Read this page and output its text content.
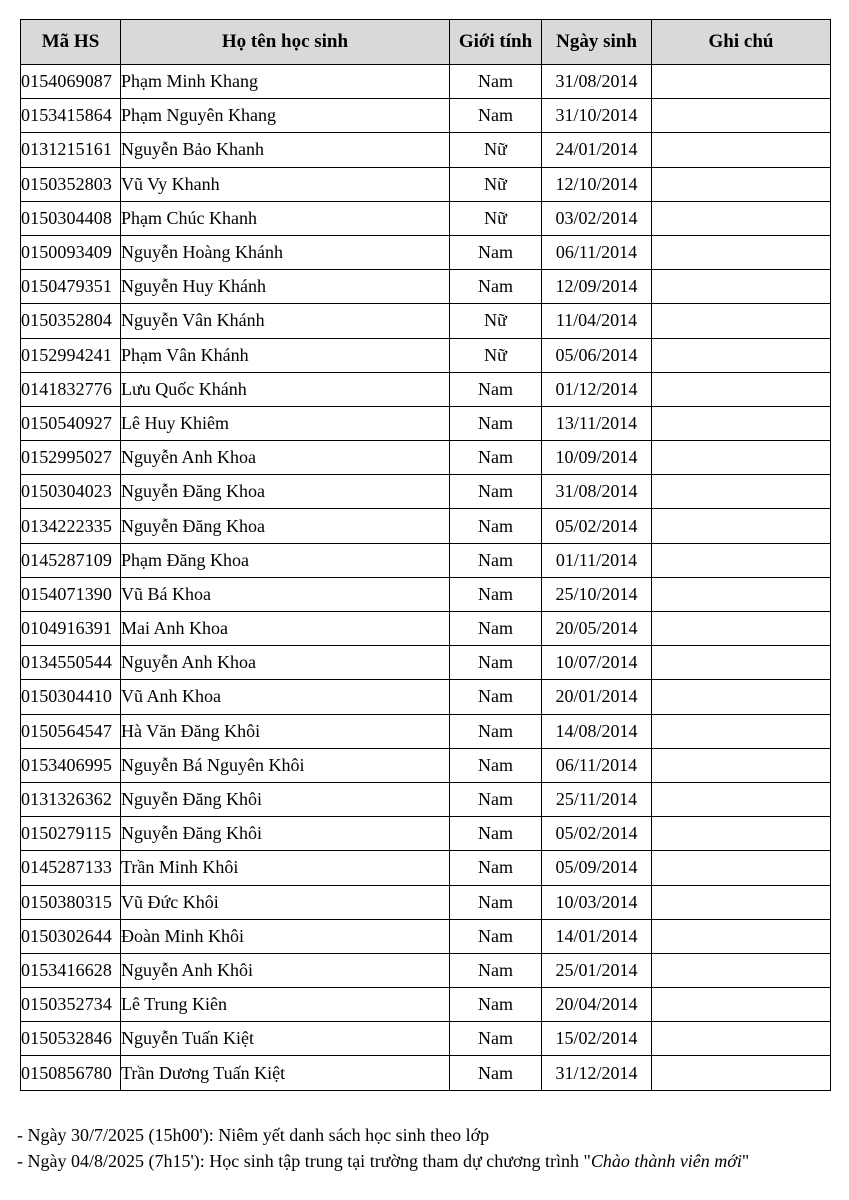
Mã HS	Họ tên học sinh	Giới tính	Ngày sinh	Ghi chú
0154069087	Phạm Minh Khang	Nam	31/08/2014	
0153415864	Phạm Nguyên Khang	Nam	31/10/2014	
0131215161	Nguyễn Bảo Khanh	Nữ	24/01/2014	
0150352803	Vũ Vy Khanh	Nữ	12/10/2014	
0150304408	Phạm Chúc Khanh	Nữ	03/02/2014	
0150093409	Nguyễn Hoàng Khánh	Nam	06/11/2014	
0150479351	Nguyễn Huy Khánh	Nam	12/09/2014	
0150352804	Nguyễn Vân Khánh	Nữ	11/04/2014	
0152994241	Phạm Vân Khánh	Nữ	05/06/2014	
0141832776	Lưu Quốc Khánh	Nam	01/12/2014	
0150540927	Lê Huy Khiêm	Nam	13/11/2014	
0152995027	Nguyễn Anh Khoa	Nam	10/09/2014	
0150304023	Nguyễn Đăng Khoa	Nam	31/08/2014	
0134222335	Nguyễn Đăng Khoa	Nam	05/02/2014	
0145287109	Phạm Đăng Khoa	Nam	01/11/2014	
0154071390	Vũ Bá Khoa	Nam	25/10/2014	
0104916391	Mai Anh Khoa	Nam	20/05/2014	
0134550544	Nguyễn Anh Khoa	Nam	10/07/2014	
0150304410	Vũ Anh Khoa	Nam	20/01/2014	
0150564547	Hà Văn Đăng Khôi	Nam	14/08/2014	
0153406995	Nguyễn Bá Nguyên Khôi	Nam	06/11/2014	
0131326362	Nguyễn Đăng Khôi	Nam	25/11/2014	
0150279115	Nguyễn Đăng Khôi	Nam	05/02/2014	
0145287133	Trần Minh Khôi	Nam	05/09/2014	
0150380315	Vũ Đức Khôi	Nam	10/03/2014	
0150302644	Đoàn Minh Khôi	Nam	14/01/2014	
0153416628	Nguyễn Anh Khôi	Nam	25/01/2014	
0150352734	Lê Trung Kiên	Nam	20/04/2014	
0150532846	Nguyễn Tuấn Kiệt	Nam	15/02/2014	
0150856780	Trần Dương Tuấn Kiệt	Nam	31/12/2014	
- Ngày 30/7/2025 (15h00'): Niêm yết danh sách học sinh theo lớp
- Ngày 04/8/2025 (7h15'): Học sinh tập trung tại trường tham dự chương trình "Chào thành viên mới"
